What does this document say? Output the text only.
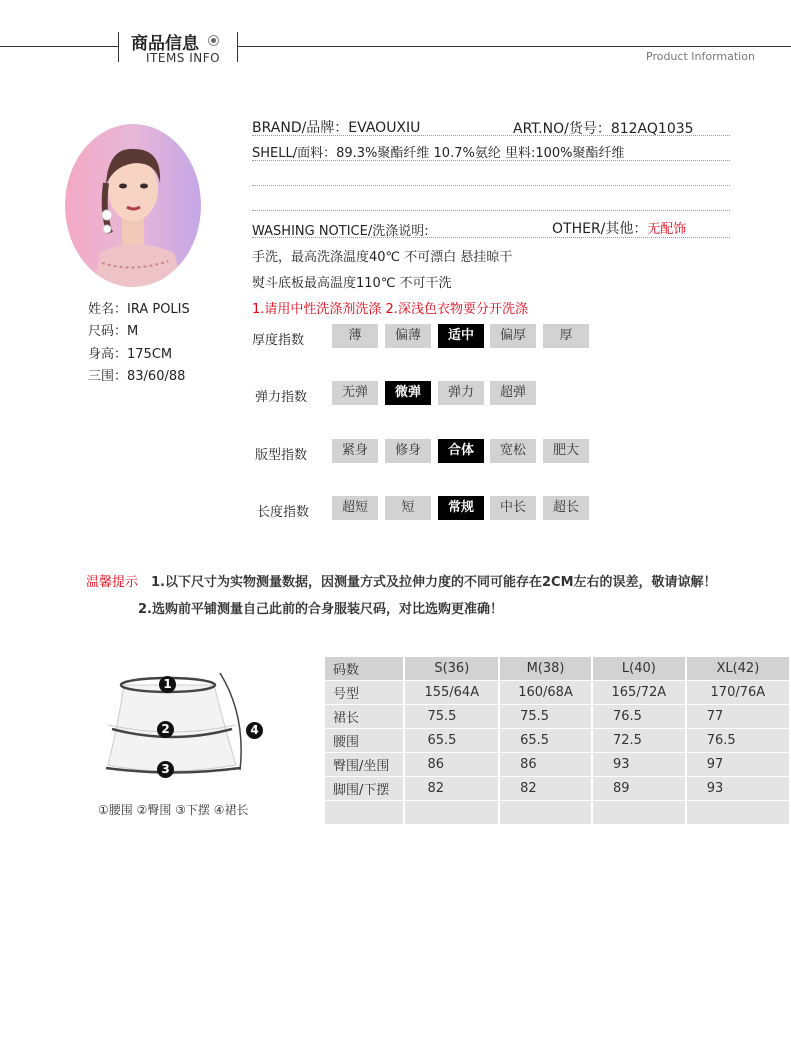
商品信息
ITEMS INFO	Product Information
姓名：IRA POLIS
尺码：M
身高：175CM
三围：83/60/88
BRAND/品牌：EVAOUXIU	ART.NO/货号：812AQ1035
SHELL/面料：89.3%聚酯纤维 10.7%氨纶 里料:100%聚酯纤维
WASHING NOTICE/洗涤说明:	OTHER/其他：无配饰
手洗，最高洗涤温度40℃ 不可漂白 悬挂晾干
熨斗底板最高温度110℃ 不可干洗
1.请用中性洗涤剂洗涤 2.深浅色衣物要分开洗涤
厚度指数	薄	偏薄	适中	偏厚	厚
弹力指数	无弹	微弹	弹力	超弹
版型指数	紧身	修身	合体	宽松	肥大
长度指数	超短	短	常规	中长	超长
温馨提示 1.以下尺寸为实物测量数据，因测量方式及拉伸力度的不同可能存在2CM左右的误差，敬请谅解！
2.选购前平铺测量自己此前的合身服装尺码，对比选购更准确！
1
2
3
4
①腰围 ②臀围 ③下摆 ④裙长
码数	S(36)	M(38)	L(40)	XL(42)
号型	155/64A	160/68A	165/72A	170/76A
裙长	75.5	75.5	76.5	77
腰围	65.5	65.5	72.5	76.5
臀围/坐围	86	86	93	97
脚围/下摆	82	82	89	93
